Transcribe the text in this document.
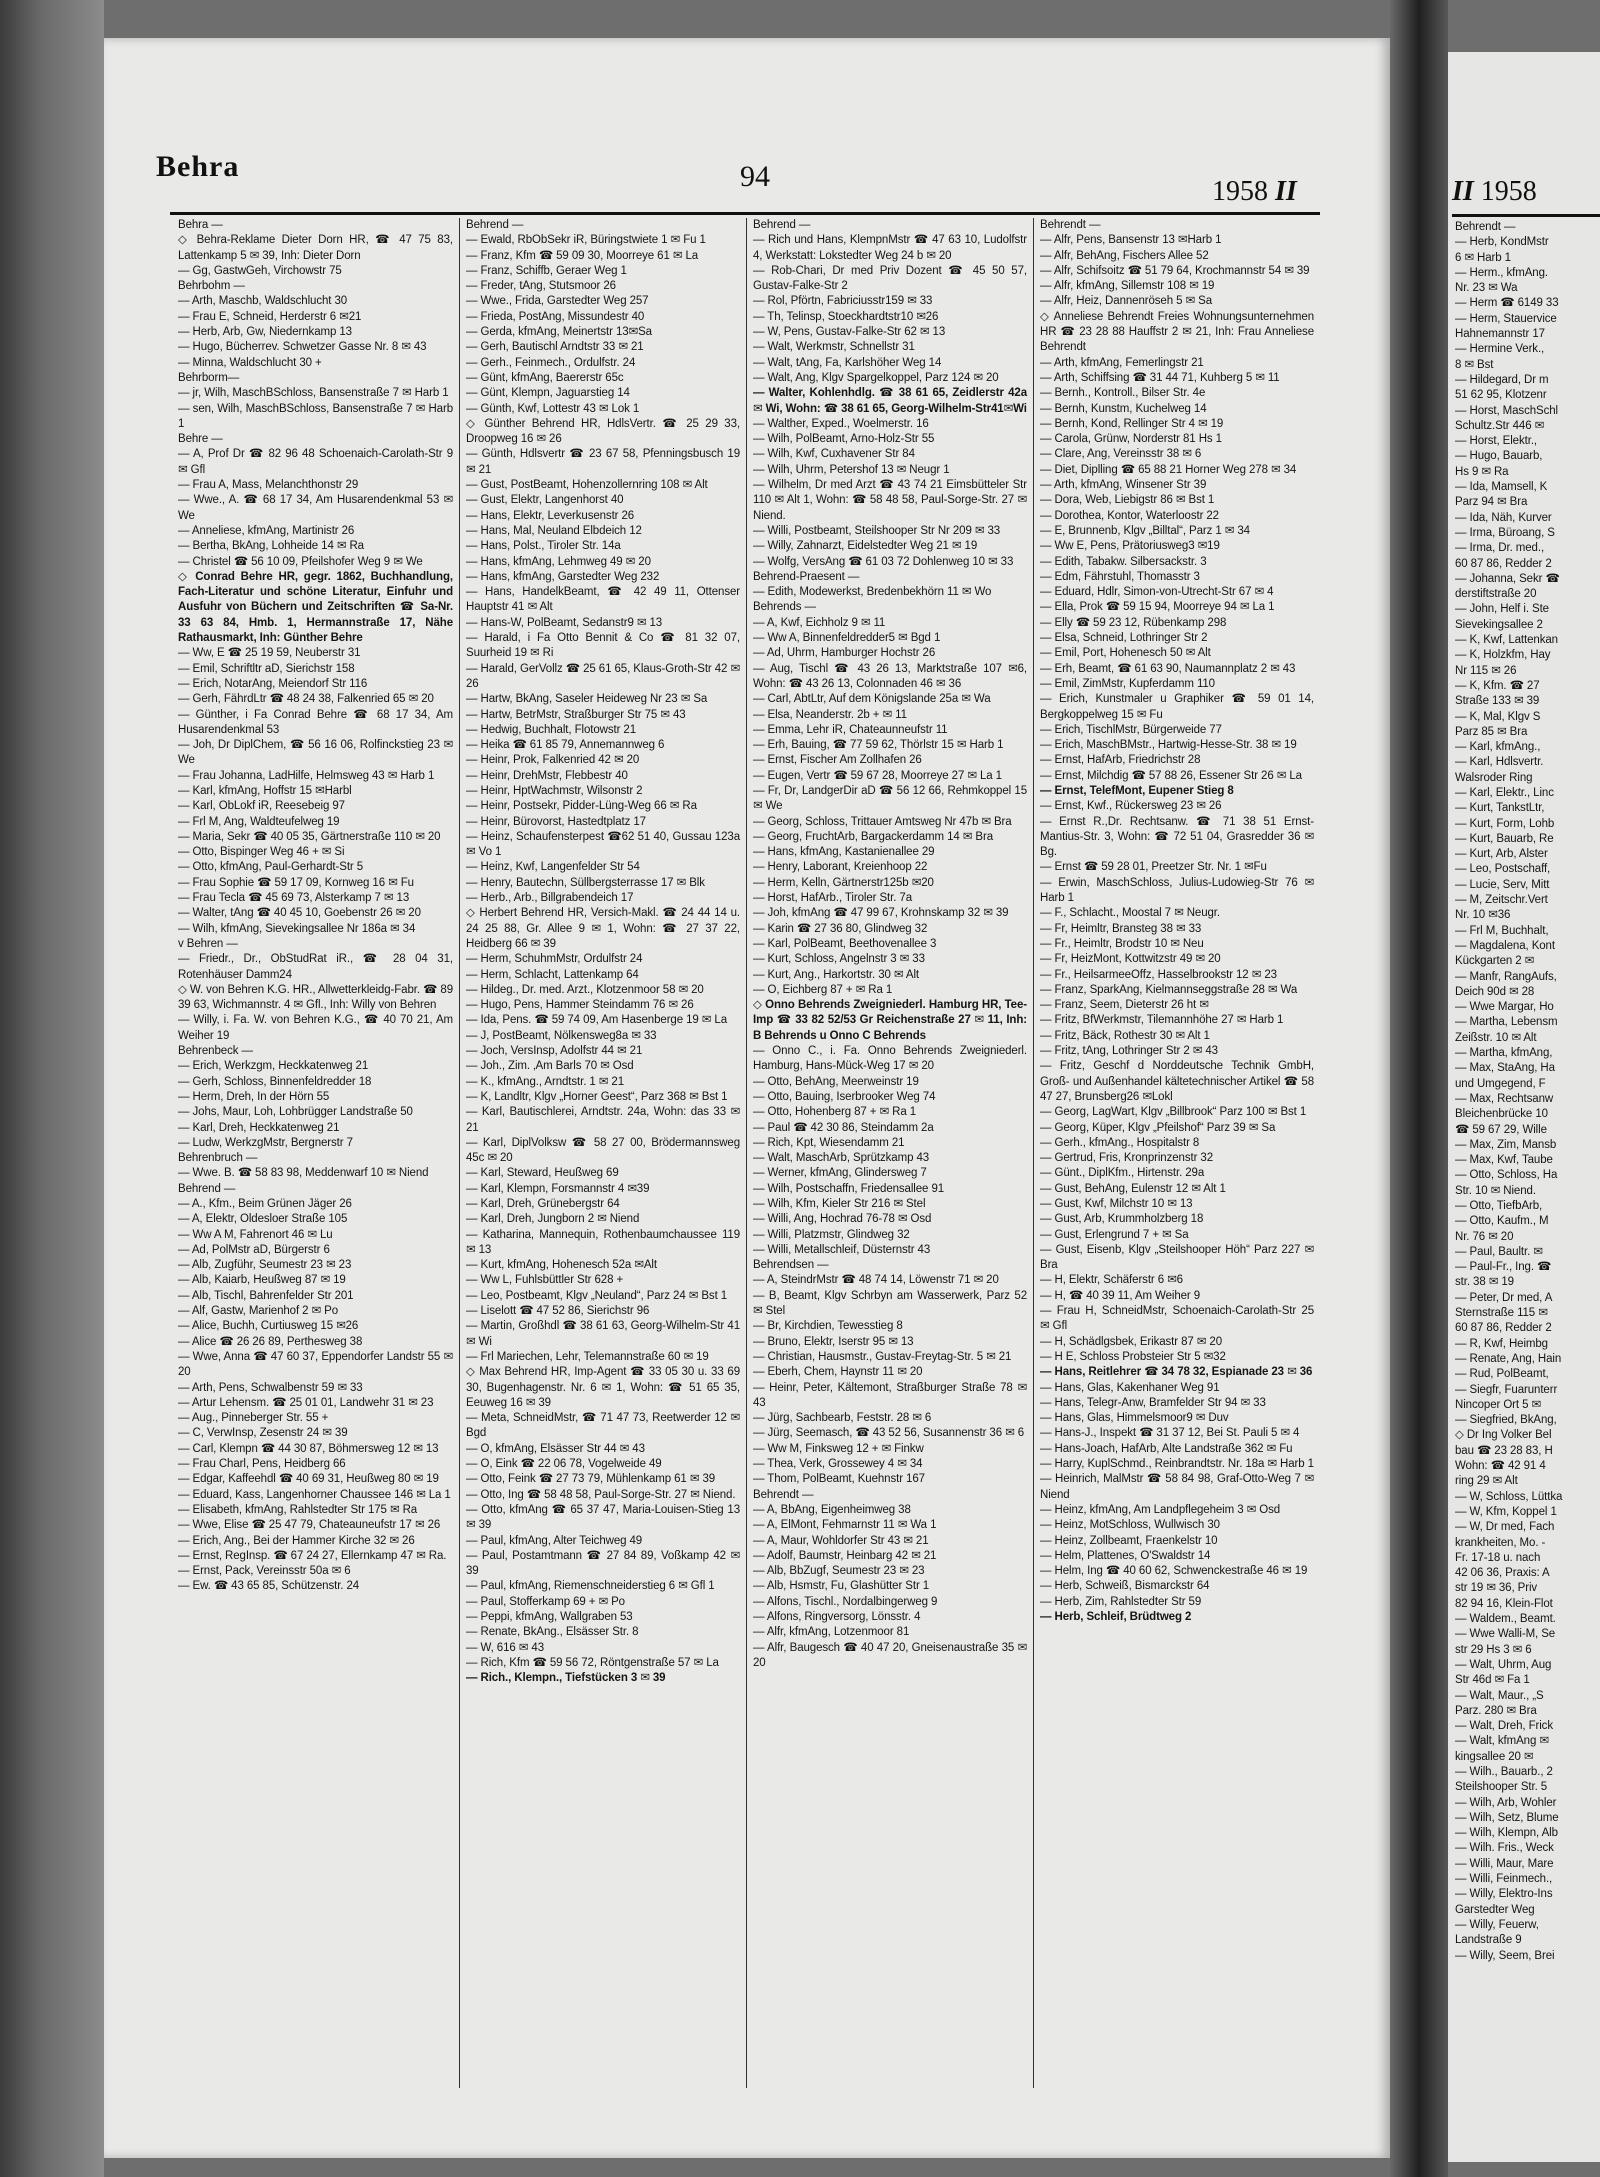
Behra	94	1958 II	II 1958
Behra —
◇ Behra-Reklame Dieter Dorn HR, ☎ 47 75 83, Lattenkamp 5 ✉ 39, Inh: Dieter Dorn
— Gg, GastwGeh, Virchowstr 75
Behrbohm —
— Arth, Maschb, Waldschlucht 30
— Frau E, Schneid, Herderstr 6 ✉21
— Herb, Arb, Gw, Niedernkamp 13
— Hugo, Bücherrev. Schwetzer Gasse Nr. 8 ✉ 43
— Minna, Waldschlucht 30 +
Behrborm—
— jr, Wilh, MaschBSchloss, Bansenstraße 7 ✉ Harb 1
— sen, Wilh, MaschBSchloss, Bansenstraße 7 ✉ Harb 1
Behre —
— A, Prof Dr ☎ 82 96 48 Schoenaich-Carolath-Str 9 ✉ Gfl
— Frau A, Mass, Melanchthonstr 29
— Wwe., A. ☎ 68 17 34, Am Husarendenkmal 53 ✉ We
— Anneliese, kfmAng, Martinistr 26
— Bertha, BkAng, Lohheide 14 ✉ Ra
— Christel ☎ 56 10 09, Pfeilshofer Weg 9 ✉ We
◇ Conrad Behre HR, gegr. 1862, Buchhandlung, Fach-Literatur und schöne Literatur, Einfuhr und Ausfuhr von Büchern und Zeitschriften ☎ Sa-Nr. 33 63 84, Hmb. 1, Hermannstraße 17, Nähe Rathausmarkt, Inh: Günther Behre
— Ww, E ☎ 25 19 59, Neuberstr 31
— Emil, Schriftltr aD, Sierichstr 158
— Erich, NotarAng, Meiendorf Str 116
— Gerh, FährdLtr ☎ 48 24 38, Falkenried 65 ✉ 20
— Günther, i Fa Conrad Behre ☎ 68 17 34, Am Husarendenkmal 53
— Joh, Dr DiplChem, ☎ 56 16 06, Rolfinckstieg 23 ✉ We
— Frau Johanna, LadHilfe, Helmsweg 43 ✉ Harb 1
— Karl, kfmAng, Hoffstr 15 ✉Harbl
— Karl, ObLokf iR, Reesebeig 97
— Frl M, Ang, Waldteufelweg 19
— Maria, Sekr ☎ 40 05 35, Gärtnerstraße 110 ✉ 20
— Otto, Bispinger Weg 46 + ✉ Si
— Otto, kfmAng, Paul-Gerhardt-Str 5
— Frau Sophie ☎ 59 17 09, Kornweg 16 ✉ Fu
— Frau Tecla ☎ 45 69 73, Alsterkamp 7 ✉ 13
— Walter, tAng ☎ 40 45 10, Goebenstr 26 ✉ 20
— Wilh, kfmAng, Sievekingsallee Nr 186a ✉ 34
v Behren —
— Friedr., Dr., ObStudRat iR., ☎ 28 04 31, Rotenhäuser Damm24
◇ W. von Behren K.G. HR., Allwetterkleidg-Fabr. ☎ 89 39 63, Wichmannstr. 4 ✉ Gfl., Inh: Willy von Behren
— Willy, i. Fa. W. von Behren K.G., ☎ 40 70 21, Am Weiher 19
Behrenbeck —
— Erich, Werkzgm, Heckkatenweg 21
— Gerh, Schloss, Binnenfeldredder 18
— Herm, Dreh, In der Hörn 55
— Johs, Maur, Loh, Lohbrügger Landstraße 50
— Karl, Dreh, Heckkatenweg 21
— Ludw, WerkzgMstr, Bergnerstr 7
Behrenbruch —
— Wwe. B. ☎ 58 83 98, Meddenwarf 10 ✉ Niend
Behrend —
— A., Kfm., Beim Grünen Jäger 26
— A, Elektr, Oldesloer Straße 105
— Ww A M, Fahrenort 46 ✉ Lu
— Ad, PolMstr aD, Bürgerstr 6
— Alb, Zugführ, Seumestr 23 ✉ 23
— Alb, Kaiarb, Heußweg 87 ✉ 19
— Alb, Tischl, Bahrenfelder Str 201
— Alf, Gastw, Marienhof 2 ✉ Po
— Alice, Buchh, Curtiusweg 15 ✉26
— Alice ☎ 26 26 89, Perthesweg 38
— Wwe, Anna ☎ 47 60 37, Eppendorfer Landstr 55 ✉ 20
— Arth, Pens, Schwalbenstr 59 ✉ 33
— Artur Lehensm. ☎ 25 01 01, Landwehr 31 ✉ 23
— Aug., Pinneberger Str. 55 +
— C, VerwInsp, Zesenstr 24 ✉ 39
— Carl, Klempn ☎ 44 30 87, Böhmersweg 12 ✉ 13
— Frau Charl, Pens, Heidberg 66
— Edgar, Kaffeehdl ☎ 40 69 31, Heußweg 80 ✉ 19
— Eduard, Kass, Langenhorner Chaussee 146 ✉ La 1
— Elisabeth, kfmAng, Rahlstedter Str 175 ✉ Ra
— Wwe, Elise ☎ 25 47 79, Chateauneufstr 17 ✉ 26
— Erich, Ang., Bei der Hammer Kirche 32 ✉ 26
— Ernst, RegInsp. ☎ 67 24 27, Ellernkamp 47 ✉ Ra.
— Ernst, Pack, Vereinsstr 50a ✉ 6
— Ew. ☎ 43 65 85, Schützenstr. 24
Behrend —
— Ewald, RbObSekr iR, Büringstwiete 1 ✉ Fu 1
— Franz, Kfm ☎ 59 09 30, Moorreye 61 ✉ La
— Franz, Schiffb, Geraer Weg 1
— Freder, tAng, Stutsmoor 26
— Wwe., Frida, Garstedter Weg 257
— Frieda, PostAng, Missundestr 40
— Gerda, kfmAng, Meinertstr 13✉Sa
— Gerh, Bautischl Arndtstr 33 ✉ 21
— Gerh., Feinmech., Ordulfstr. 24
— Günt, kfmAng, Baererstr 65c
— Günt, Klempn, Jaguarstieg 14
— Günth, Kwf, Lottestr 43 ✉ Lok 1
◇ Günther Behrend HR, HdlsVertr. ☎ 25 29 33, Droopweg 16 ✉ 26
— Günth, Hdlsvertr ☎ 23 67 58, Pfenningsbusch 19 ✉ 21
— Gust, PostBeamt, Hohenzollernring 108 ✉ Alt
— Gust, Elektr, Langenhorst 40
— Hans, Elektr, Leverkusenstr 26
— Hans, Mal, Neuland Elbdeich 12
— Hans, Polst., Tiroler Str. 14a
— Hans, kfmAng, Lehmweg 49 ✉ 20
— Hans, kfmAng, Garstedter Weg 232
— Hans, HandelkBeamt, ☎ 42 49 11, Ottenser Hauptstr 41 ✉ Alt
— Hans-W, PolBeamt, Sedanstr9 ✉ 13
— Harald, i Fa Otto Bennit & Co ☎ 81 32 07, Suurheid 19 ✉ Ri
— Harald, GerVollz ☎ 25 61 65, Klaus-Groth-Str 42 ✉ 26
— Hartw, BkAng, Saseler Heideweg Nr 23 ✉ Sa
— Hartw, BetrMstr, Straßburger Str 75 ✉ 43
— Hedwig, Buchhalt, Flotowstr 21
— Heika ☎ 61 85 79, Annemannweg 6
— Heinr, Prok, Falkenried 42 ✉ 20
— Heinr, DrehMstr, Flebbestr 40
— Heinr, HptWachmstr, Wilsonstr 2
— Heinr, Postsekr, Pidder-Lüng-Weg 66 ✉ Ra
— Heinr, Bürovorst, Hastedtplatz 17
— Heinz, Schaufensterpest ☎62 51 40, Gussau 123a ✉ Vo 1
— Heinz, Kwf, Langenfelder Str 54
— Henry, Bautechn, Süllbergsterrasse 17 ✉ Blk
— Herb., Arb., Billgrabendeich 17
◇ Herbert Behrend HR, Versich-Makl. ☎ 24 44 14 u. 24 25 88, Gr. Allee 9 ✉ 1, Wohn: ☎ 27 37 22, Heidberg 66 ✉ 39
— Herm, SchuhmMstr, Ordulfstr 24
— Herm, Schlacht, Lattenkamp 64
— Hildeg., Dr. med. Arzt., Klotzenmoor 58 ✉ 20
— Hugo, Pens, Hammer Steindamm 76 ✉ 26
— Ida, Pens. ☎ 59 74 09, Am Hasenberge 19 ✉ La
— J, PostBeamt, Nölkensweg8a ✉ 33
— Joch, VersInsp, Adolfstr 44 ✉ 21
— Joh., Zim. ‚Am Barls 70 ✉ Osd
— K., kfmAng., Arndtstr. 1 ✉ 21
— K, Landltr, Klgv „Horner Geest“, Parz 368 ✉ Bst 1
— Karl, Bautischlerei, Arndtstr. 24a, Wohn: das 33 ✉ 21
— Karl, DiplVolksw ☎ 58 27 00, Brödermannsweg 45c ✉ 20
— Karl, Steward, Heußweg 69
— Karl, Klempn, Forsmannstr 4 ✉39
— Karl, Dreh, Grünebergstr 64
— Karl, Dreh, Jungborn 2 ✉ Niend
— Katharina, Mannequin, Rothenbaumchaussee 119 ✉ 13
— Kurt, kfmAng, Hohenesch 52a ✉Alt
— Ww L, Fuhlsbüttler Str 628 +
— Leo, Postbeamt, Klgv „Neuland“, Parz 24 ✉ Bst 1
— Liselott ☎ 47 52 86, Sierichstr 96
— Martin, Großhdl ☎ 38 61 63, Georg-Wilhelm-Str 41 ✉ Wi
— Frl Mariechen, Lehr, Telemannstraße 60 ✉ 19
◇ Max Behrend HR, Imp-Agent ☎ 33 05 30 u. 33 69 30, Bugenhagenstr. Nr. 6 ✉ 1, Wohn: ☎ 51 65 35, Eeuweg 16 ✉ 39
— Meta, SchneidMstr, ☎ 71 47 73, Reetwerder 12 ✉ Bgd
— O, kfmAng, Elsässer Str 44 ✉ 43
— O, Eink ☎ 22 06 78, Vogelweide 49
— Otto, Feink ☎ 27 73 79, Mühlenkamp 61 ✉ 39
— Otto, Ing ☎ 58 48 58, Paul-Sorge-Str. 27 ✉ Niend.
— Otto, kfmAng ☎ 65 37 47, Maria-Louisen-Stieg 13 ✉ 39
— Paul, kfmAng, Alter Teichweg 49
— Paul, Postamtmann ☎ 27 84 89, Voßkamp 42 ✉ 39
— Paul, kfmAng, Riemenschneiderstieg 6 ✉ Gfl 1
— Paul, Stofferkamp 69 + ✉ Po
— Peppi, kfmAng, Wallgraben 53
— Renate, BkAng., Elsässer Str. 8
— W, 616 ✉ 43
— Rich, Kfm ☎ 59 56 72, Röntgenstraße 57 ✉ La
— Rich., Klempn., Tiefstücken 3 ✉ 39
Behrend —
— Rich und Hans, KlempnMstr ☎ 47 63 10, Ludolfstr 4, Werkstatt: Lokstedter Weg 24 b ✉ 20
— Rob-Chari, Dr med Priv Dozent ☎ 45 50 57, Gustav-Falke-Str 2
— Rol, Pförtn, Fabriciusstr159 ✉ 33
— Th, Telinsp, Stoeckhardtstr10 ✉26
— W, Pens, Gustav-Falke-Str 62 ✉ 13
— Walt, Werkmstr, Schnellstr 31
— Walt, tAng, Fa, Karlshöher Weg 14
— Walt, Ang, Klgv Spargelkoppel, Parz 124 ✉ 20
— Walter, Kohlenhdlg. ☎ 38 61 65, Zeidlerstr 42a ✉ Wi, Wohn: ☎ 38 61 65, Georg-Wilhelm-Str41✉Wi
— Walther, Exped., Woelmerstr. 16
— Wilh, PolBeamt, Arno-Holz-Str 55
— Wilh, Kwf, Cuxhavener Str 84
— Wilh, Uhrm, Petershof 13 ✉ Neugr 1
— Wilhelm, Dr med Arzt ☎ 43 74 21 Eimsbütteler Str 110 ✉ Alt 1, Wohn: ☎ 58 48 58, Paul-Sorge-Str. 27 ✉ Niend.
— Willi, Postbeamt, Steilshooper Str Nr 209 ✉ 33
— Willy, Zahnarzt, Eidelstedter Weg 21 ✉ 19
— Wolfg, VersAng ☎ 61 03 72 Dohlenweg 10 ✉ 33
Behrend-Praesent —
— Edith, Modewerkst, Bredenbekhörn 11 ✉ Wo
Behrends —
— A, Kwf, Eichholz 9 ✉ 11
— Ww A, Binnenfeldredder5 ✉ Bgd 1
— Ad, Uhrm, Hamburger Hochstr 26
— Aug, Tischl ☎ 43 26 13, Marktstraße 107 ✉6, Wohn: ☎ 43 26 13, Colonnaden 46 ✉ 36
— Carl, AbtLtr, Auf dem Königslande 25a ✉ Wa
— Elsa, Neanderstr. 2b + ✉ 11
— Emma, Lehr iR, Chateaunneufstr 11
— Erh, Bauing, ☎ 77 59 62, Thörlstr 15 ✉ Harb 1
— Ernst, Fischer Am Zollhafen 26
— Eugen, Vertr ☎ 59 67 28, Moorreye 27 ✉ La 1
— Fr, Dr, LandgerDir aD ☎ 56 12 66, Rehmkoppel 15 ✉ We
— Georg, Schloss, Trittauer Amtsweg Nr 47b ✉ Bra
— Georg, FruchtArb, Bargackerdamm 14 ✉ Bra
— Hans, kfmAng, Kastanienallee 29
— Henry, Laborant, Kreienhoop 22
— Herm, Kelln, Gärtnerstr125b ✉20
— Horst, HafArb., Tiroler Str. 7a
— Joh, kfmAng ☎ 47 99 67, Krohnskamp 32 ✉ 39
— Karin ☎ 27 36 80, Glindweg 32
— Karl, PolBeamt, Beethovenallee 3
— Kurt, Schloss, Angelnstr 3 ✉ 33
— Kurt, Ang., Harkortstr. 30 ✉ Alt
— O, Eichberg 87 + ✉ Ra 1
◇ Onno Behrends Zweigniederl. Hamburg HR, Tee-Imp ☎ 33 82 52/53 Gr Reichenstraße 27 ✉ 11, Inh: B Behrends u Onno C Behrends
— Onno C., i. Fa. Onno Behrends Zweigniederl. Hamburg, Hans-Mück-Weg 17 ✉ 20
— Otto, BehAng, Meerweinstr 19
— Otto, Bauing, Iserbrooker Weg 74
— Otto, Hohenberg 87 + ✉ Ra 1
— Paul ☎ 42 30 86, Steindamm 2a
— Rich, Kpt, Wiesendamm 21
— Walt, MaschArb, Sprützkamp 43
— Werner, kfmAng, Glindersweg 7
— Wilh, Postschaffn, Friedensallee 91
— Wilh, Kfm, Kieler Str 216 ✉ Stel
— Willi, Ang, Hochrad 76-78 ✉ Osd
— Willi, Platzmstr, Glindweg 32
— Willi, Metallschleif, Düsternstr 43
Behrendsen —
— A, SteindrMstr ☎ 48 74 14, Löwenstr 71 ✉ 20
— B, Beamt, Klgv Schrbyn am Wasserwerk, Parz 52 ✉ Stel
— Br, Kirchdien, Tewesstieg 8
— Bruno, Elektr, Iserstr 95 ✉ 13
— Christian, Hausmstr., Gustav-Freytag-Str. 5 ✉ 21
— Eberh, Chem, Haynstr 11 ✉ 20
— Heinr, Peter, Kältemont, Straßburger Straße 78 ✉ 43
— Jürg, Sachbearb, Feststr. 28 ✉ 6
— Jürg, Seemasch, ☎ 43 52 56, Susannenstr 36 ✉ 6
— Ww M, Finksweg 12 + ✉ Finkw
— Thea, Verk, Grossewey 4 ✉ 34
— Thom, PolBeamt, Kuehnstr 167
Behrendt —
— A, BbAng, Eigenheimweg 38
— A, ElMont, Fehmarnstr 11 ✉ Wa 1
— A, Maur, Wohldorfer Str 43 ✉ 21
— Adolf, Baumstr, Heinbarg 42 ✉ 21
— Alb, BbZugf, Seumestr 23 ✉ 23
— Alb, Hsmstr, Fu, Glashütter Str 1
— Alfons, Tischl., Nordalbingerweg 9
— Alfons, Ringversorg, Lönsstr. 4
— Alfr, kfmAng, Lotzenmoor 81
— Alfr, Baugesch ☎ 40 47 20, Gneisenaustraße 35 ✉ 20
Behrendt —
— Alfr, Pens, Bansenstr 13 ✉Harb 1
— Alfr, BehAng, Fischers Allee 52
— Alfr, Schifsoitz ☎ 51 79 64, Krochmannstr 54 ✉ 39
— Alfr, kfmAng, Sillemstr 108 ✉ 19
— Alfr, Heiz, Dannenröseh 5 ✉ Sa
◇ Anneliese Behrendt Freies Wohnungsunternehmen HR ☎ 23 28 88 Hauffstr 2 ✉ 21, Inh: Frau Anneliese Behrendt
— Arth, kfmAng, Femerlingstr 21
— Arth, Schiffsing ☎ 31 44 71, Kuhberg 5 ✉ 11
— Bernh., Kontroll., Bilser Str. 4e
— Bernh, Kunstm, Kuchelweg 14
— Bernh, Kond, Rellinger Str 4 ✉ 19
— Carola, Grünw, Norderstr 81 Hs 1
— Clare, Ang, Vereinsstr 38 ✉ 6
— Diet, Diplling ☎ 65 88 21 Horner Weg 278 ✉ 34
— Arth, kfmAng, Winsener Str 39
— Dora, Web, Liebigstr 86 ✉ Bst 1
— Dorothea, Kontor, Waterloostr 22
— E, Brunnenb, Klgv „Billtal“, Parz 1 ✉ 34
— Ww E, Pens, Prätoriusweg3 ✉19
— Edith, Tabakw. Silbersackstr. 3
— Edm, Fährstuhl, Thomasstr 3
— Eduard, Hdlr, Simon-von-Utrecht-Str 67 ✉ 4
— Ella, Prok ☎ 59 15 94, Moorreye 94 ✉ La 1
— Elly ☎ 59 23 12, Rübenkamp 298
— Elsa, Schneid, Lothringer Str 2
— Emil, Port, Hohenesch 50 ✉ Alt
— Erh, Beamt, ☎ 61 63 90, Naumannplatz 2 ✉ 43
— Emil, ZimMstr, Kupferdamm 110
— Erich, Kunstmaler u Graphiker ☎ 59 01 14, Bergkoppelweg 15 ✉ Fu
— Erich, TischlMstr, Bürgerweide 77
— Erich, MaschBMstr., Hartwig-Hesse-Str. 38 ✉ 19
— Ernst, HafArb, Friedrichstr 28
— Ernst, Milchdig ☎ 57 88 26, Essener Str 26 ✉ La
— Ernst, TelefMont, Eupener Stieg 8
— Ernst, Kwf., Rückersweg 23 ✉ 26
— Ernst R.,Dr. Rechtsanw. ☎ 71 38 51 Ernst-Mantius-Str. 3, Wohn: ☎ 72 51 04, Grasredder 36 ✉ Bg.
— Ernst ☎ 59 28 01, Preetzer Str. Nr. 1 ✉Fu
— Erwin, MaschSchloss, Julius-Ludowieg-Str 76 ✉ Harb 1
— F., Schlacht., Moostal 7 ✉ Neugr.
— Fr, Heimltr, Bransteg 38 ✉ 33
— Fr., Heimltr, Brodstr 10 ✉ Neu
— Fr, HeizMont, Kottwitzstr 49 ✉ 20
— Fr., HeilsarmeeOffz, Hasselbrookstr 12 ✉ 23
— Franz, SparkAng, Kielmannseggstraße 28 ✉ Wa
— Franz, Seem, Dieterstr 26 ht ✉
— Fritz, BfWerkmstr, Tilemannhöhe 27 ✉ Harb 1
— Fritz, Bäck, Rothestr 30 ✉ Alt 1
— Fritz, tAng, Lothringer Str 2 ✉ 43
— Fritz, Geschf d Norddeutsche Technik GmbH, Groß- und Außenhandel kältetechnischer Artikel ☎ 58 47 27, Brunsberg26 ✉Lokl
— Georg, LagWart, Klgv „Billbrook“ Parz 100 ✉ Bst 1
— Georg, Küper, Klgv „Pfeilshof“ Parz 39 ✉ Sa
— Gerh., kfmAng., Hospitalstr 8
— Gertrud, Fris, Kronprinzenstr 32
— Günt., DiplKfm., Hirtenstr. 29a
— Gust, BehAng, Eulenstr 12 ✉ Alt 1
— Gust, Kwf, Milchstr 10 ✉ 13
— Gust, Arb, Krummholzberg 18
— Gust, Erlengrund 7 + ✉ Sa
— Gust, Eisenb, Klgv „Steilshooper Höh“ Parz 227 ✉ Bra
— H, Elektr, Schäferstr 6 ✉6
— H, ☎ 40 39 11, Am Weiher 9
— Frau H, SchneidMstr, Schoenaich-Carolath-Str 25 ✉ Gfl
— H, Schädlgsbek, Erikastr 87 ✉ 20
— H E, Schloss Probsteier Str 5 ✉32
— Hans, Reitlehrer ☎ 34 78 32, Espianade 23 ✉ 36
— Hans, Glas, Kakenhaner Weg 91
— Hans, Telegr-Anw, Bramfelder Str 94 ✉ 33
— Hans, Glas, Himmelsmoor9 ✉ Duv
— Hans-J., Inspekt ☎ 31 37 12, Bei St. Pauli 5 ✉ 4
— Hans-Joach, HafArb, Alte Landstraße 362 ✉ Fu
— Harry, KuplSchmd., Reinbrandtstr. Nr. 18a ✉ Harb 1
— Heinrich, MalMstr ☎ 58 84 98, Graf-Otto-Weg 7 ✉ Niend
— Heinz, kfmAng, Am Landpflegeheim 3 ✉ Osd
— Heinz, MotSchloss, Wullwisch 30
— Heinz, Zollbeamt, Fraenkelstr 10
— Helm, Plattenes, O'Swaldstr 14
— Helm, Ing ☎ 40 60 62, Schwenckestraße 46 ✉ 19
— Herb, Schweiß, Bismarckstr 64
— Herb, Zim, Rahlstedter Str 59
— Herb, Schleif, Brüdtweg 2
Behrendt —
— Herb, KondMstr
6 ✉ Harb 1
— Herm., kfmAng.
Nr. 23 ✉ Wa
— Herm ☎ 6149 33
— Herm, Stauervice
Hahnemannstr 17
— Hermine Verk.,
8 ✉ Bst
— Hildegard, Dr m
51 62 95, Klotzenr
— Horst, MaschSchl
Schultz.Str 446 ✉
— Horst, Elektr.,
— Hugo, Bauarb,
Hs 9 ✉ Ra
— Ida, Mamsell, K
Parz 94 ✉ Bra
— Ida, Näh, Kurver
— Irma, Büroang, S
— Irma, Dr. med.,
60 87 86, Redder 2
— Johanna, Sekr ☎
derstiftstraße 20
— John, Helf i. Ste
Sievekingsallee 2
— K, Kwf, Lattenkan
— K, Holzkfm, Hay
Nr 115 ✉ 26
— K, Kfm. ☎ 27
Straße 133 ✉ 39
— K, Mal, Klgv S
Parz 85 ✉ Bra
— Karl, kfmAng.,
— Karl, Hdlsvertr.
Walsroder Ring
— Karl, Elektr., Linc
— Kurt, TankstLtr,
— Kurt, Form, Lohb
— Kurt, Bauarb, Re
— Kurt, Arb, Alster
— Leo, Postschaff,
— Lucie, Serv, Mitt
— M, Zeitschr.Vert
Nr. 10 ✉36
— Frl M, Buchhalt,
— Magdalena, Kont
Kückgarten 2 ✉
— Manfr, RangAufs,
Deich 90d ✉ 28
— Wwe Margar, Ho
— Martha, Lebensm
Zeißstr. 10 ✉ Alt
— Martha, kfmAng,
— Max, StaAng, Ha
und Umgegend, F
— Max, Rechtsanw
Bleichenbrücke 10
☎ 59 67 29, Wille
— Max, Zim, Mansb
— Max, Kwf, Taube
— Otto, Schloss, Ha
Str. 10 ✉ Niend.
— Otto, TiefbArb,
— Otto, Kaufm., M
Nr. 76 ✉ 20
— Paul, Baultr. ✉
— Paul-Fr., Ing. ☎
str. 38 ✉ 19
— Peter, Dr med, A
Sternstraße 115 ✉
60 87 86, Redder 2
— R, Kwf, Heimbg
— Renate, Ang, Hain
— Rud, PolBeamt,
— Siegfr, Fuarunterr
Nincoper Ort 5 ✉
— Siegfried, BkAng,
◇ Dr Ing Volker Bel
bau ☎ 23 28 83, H
Wohn: ☎ 42 91 4
ring 29 ✉ Alt
— W, Schloss, Lüttka
— W, Kfm, Koppel 1
— W, Dr med, Fach
krankheiten, Mo. -
Fr. 17-18 u. nach
42 06 36, Praxis: A
str 19 ✉ 36, Priv
82 94 16, Klein-Flot
— Waldem., Beamt.
— Wwe Walli-M, Se
str 29 Hs 3 ✉ 6
— Walt, Uhrm, Aug
Str 46d ✉ Fa 1
— Walt, Maur., „S
Parz. 280 ✉ Bra
— Walt, Dreh, Frick
— Walt, kfmAng ✉
kingsallee 20 ✉
— Wilh., Bauarb., 2
Steilshooper Str. 5
— Wilh, Arb, Wohler
— Wilh, Setz, Blume
— Wilh, Klempn, Alb
— Wilh. Fris., Weck
— Willi, Maur, Mare
— Willi, Feinmech.,
— Willy, Elektro-Ins
Garstedter Weg
— Willy, Feuerw,
Landstraße 9
— Willy, Seem, Brei
